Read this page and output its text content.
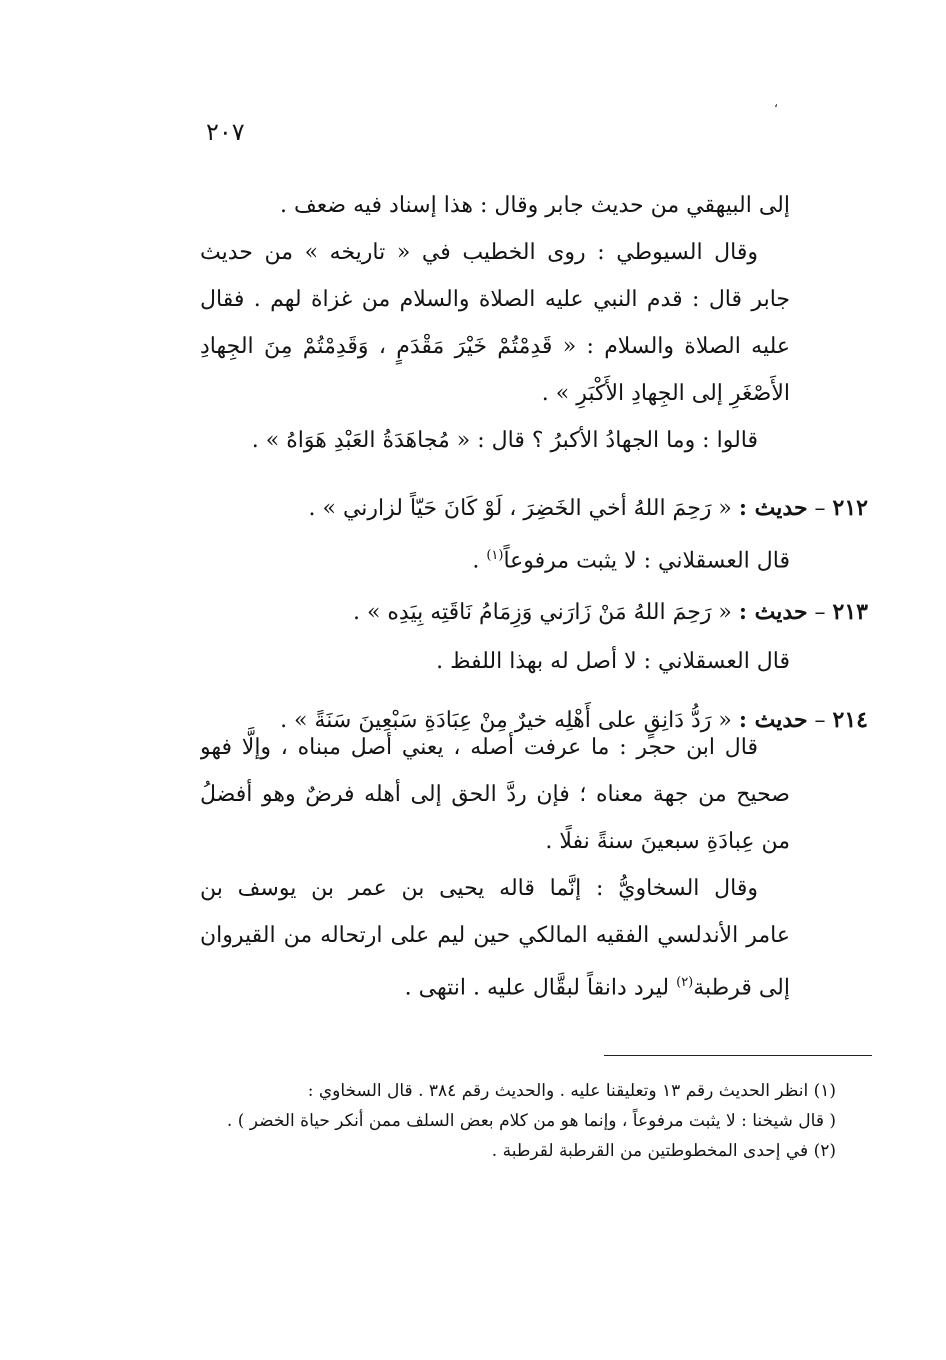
،
٢٠٧
إلى البيهقي من حديث جابر وقال : هذا إسناد فيه ضعف .
وقال السيوطي : روى الخطيب في « تاريخه » من حديث
جابر قال : قدم النبي عليه الصلاة والسلام من غزاة لهم . فقال
عليه الصلاة والسلام : « قَدِمْتُمْ خَيْرَ مَقْدَمٍ ، وَقَدِمْتُمْ مِنَ الجِهادِ
الأَصْغَرِ إلى الجِهادِ الأَكْبَرِ » .
قالوا : وما الجهادُ الأكبرُ ؟ قال : « مُجاهَدَةُ العَبْدِ هَوَاهُ » .
٢١٢ – حديث : « رَحِمَ اللهُ أخي الخَضِرَ ، لَوْ كَانَ حَيّاً لزارني » .
قال العسقلاني : لا يثبت مرفوعاً$^{(١)}$ .
٢١٣ – حديث : « رَحِمَ اللهُ مَنْ زَارَني وَزِمَامُ نَاقَتِه بِيَدِه » .
قال العسقلاني : لا أصل له بهذا اللفظ .
٢١٤ – حديث : « رَدُّ دَانِقٍ على أَهْلِه خيرٌ مِنْ عِبَادَةِ سَبْعِينَ سَنَةً » .
قال ابن حجر : ما عرفت أصله ، يعني أصل مبناه ، وإلَّا فهو
صحيح من جهة معناه ؛ فإن ردَّ الحق إلى أهله فرضٌ وهو أفضلُ
من عِبادَةِ سبعينَ سنةً نفلًا .
وقال السخاويُّ : إنَّما قاله يحيى بن عمر بن يوسف بن
عامر الأندلسي الفقيه المالكي حين ليم على ارتحاله من القيروان
إلى قرطبة$^{(٢)}$ ليرد دانقاً لبقَّال عليه . انتهى .
(١) انظر الحديث رقم ١٣ وتعليقنا عليه . والحديث رقم ٣٨٤ . قال السخاوي :
( قال شيخنا : لا يثبت مرفوعاً ، وإنما هو من كلام بعض السلف ممن أنكر حياة الخضر ) .
(٢) في إحدى المخطوطتين من القرطبة لقرطبة .
